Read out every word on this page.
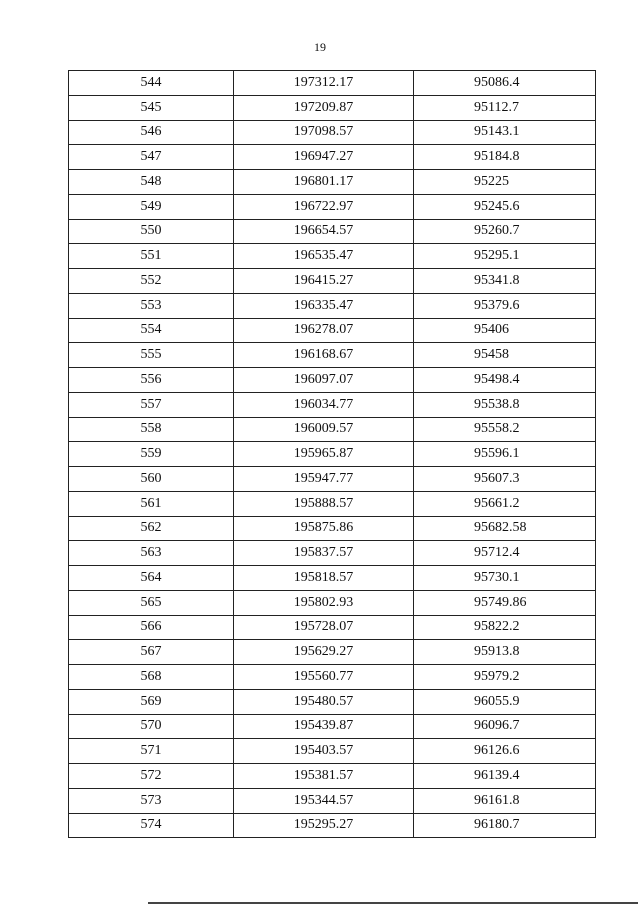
19
544	197312.17	95086.4
545	197209.87	95112.7
546	197098.57	95143.1
547	196947.27	95184.8
548	196801.17	95225
549	196722.97	95245.6
550	196654.57	95260.7
551	196535.47	95295.1
552	196415.27	95341.8
553	196335.47	95379.6
554	196278.07	95406
555	196168.67	95458
556	196097.07	95498.4
557	196034.77	95538.8
558	196009.57	95558.2
559	195965.87	95596.1
560	195947.77	95607.3
561	195888.57	95661.2
562	195875.86	95682.58
563	195837.57	95712.4
564	195818.57	95730.1
565	195802.93	95749.86
566	195728.07	95822.2
567	195629.27	95913.8
568	195560.77	95979.2
569	195480.57	96055.9
570	195439.87	96096.7
571	195403.57	96126.6
572	195381.57	96139.4
573	195344.57	96161.8
574	195295.27	96180.7
